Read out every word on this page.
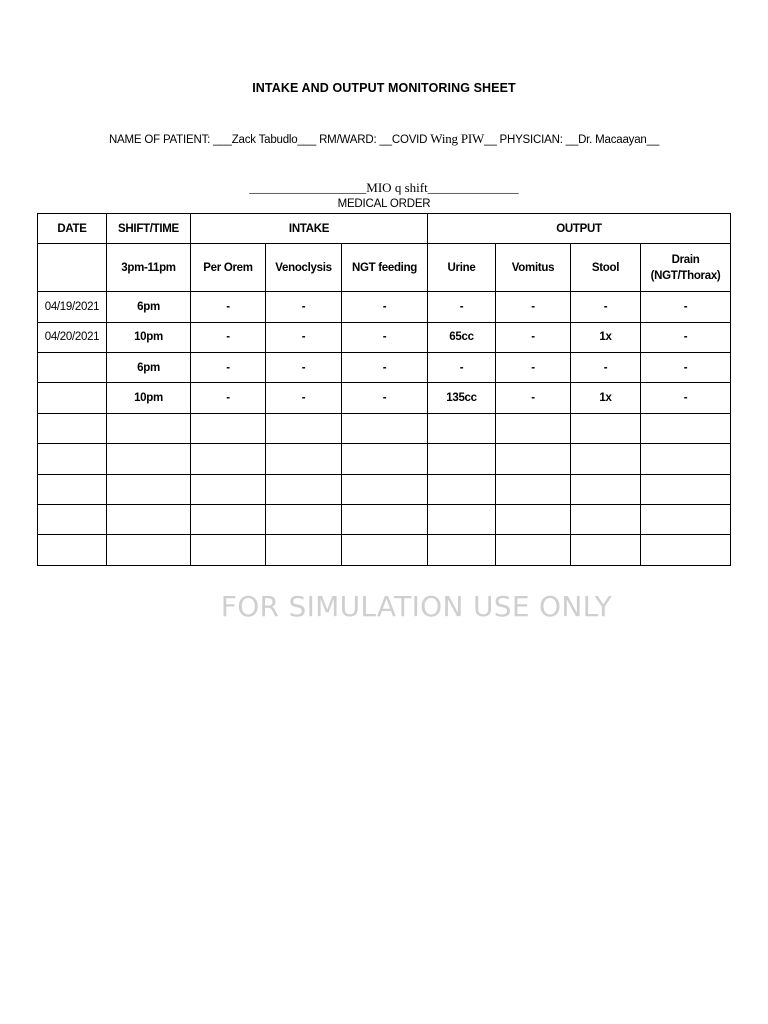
INTAKE AND OUTPUT MONITORING SHEET
NAME OF PATIENT: ___Zack Tabudlo___ RM/WARD: __COVID Wing PIW__ PHYSICIAN: __Dr. Macaayan__
__________________MIO q shift______________
MEDICAL ORDER
DATE	SHIFT/TIME	INTAKE			OUTPUT			
	3pm-11pm	Per Orem	Venoclysis	NGT feeding	Urine	Vomitus	Stool	Drain
(NGT/Thorax)
04/19/2021	6pm	-	-	-	-	-	-	-
04/20/2021	10pm	-	-	-	65cc	-	1x	-
	6pm	-	-	-	-	-	-	-
	10pm	-	-	-	135cc	-	1x	-

FOR SIMULATION USE ONLY
